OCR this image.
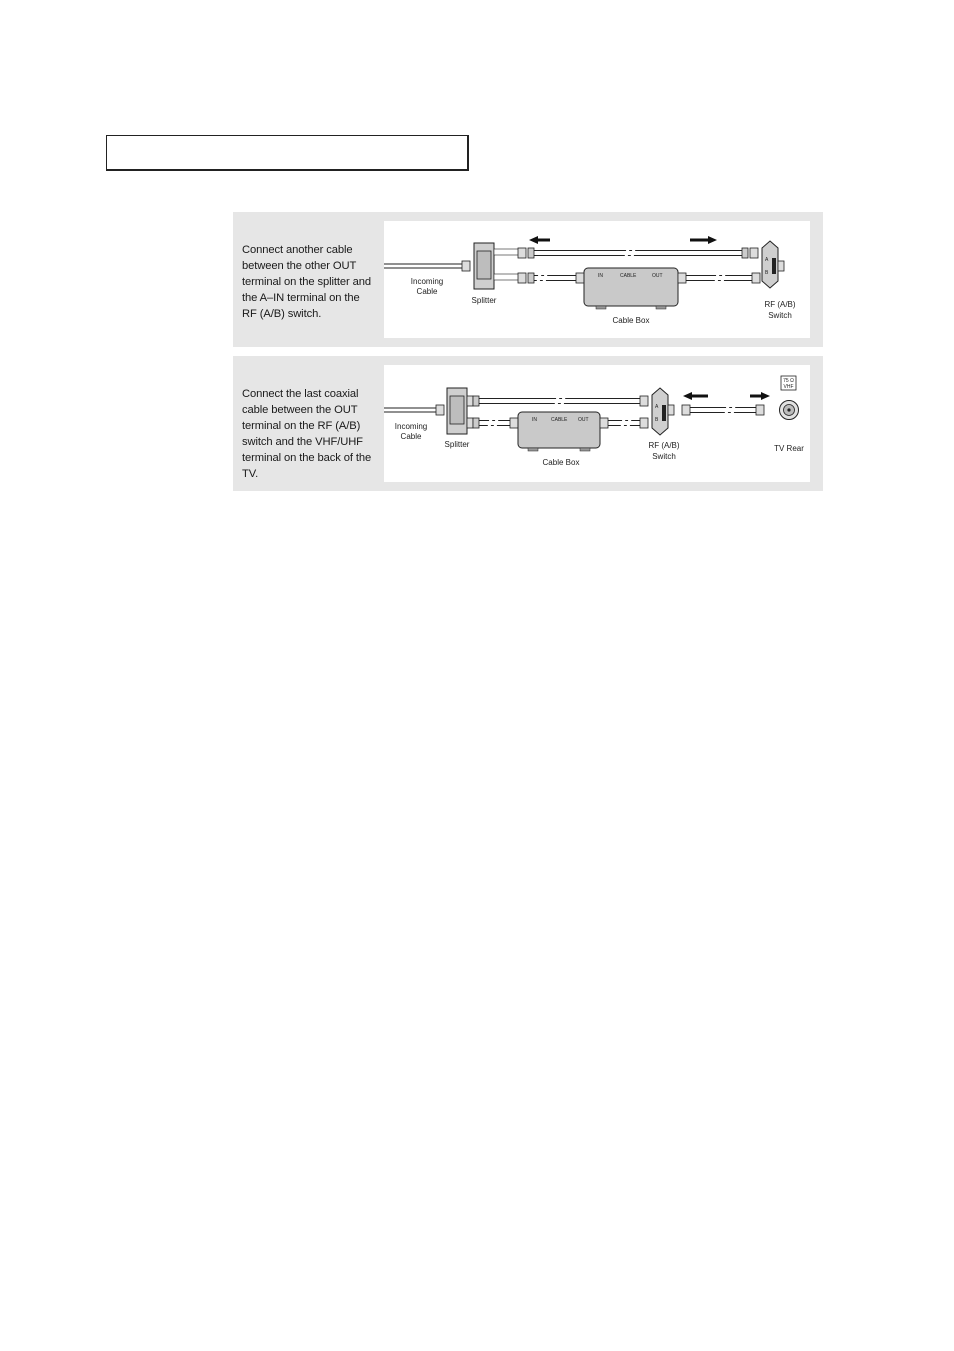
Connect another cable between the other OUT terminal on the splitter and the A–IN terminal on the RF (A/B) switch.
IN	CABLE	OUT
A
B
Incoming
Cable
Splitter
Cable Box
RF (A/B)
Switch
Connect the last coaxial cable between the OUT terminal on the RF (A/B) switch and the VHF/UHF terminal on the back of the TV.
IN	CABLE OUT
A
B
75 Ω
VHF
Incoming
Cable
Splitter
Cable Box
RF (A/B)
Switch
TV Rear
